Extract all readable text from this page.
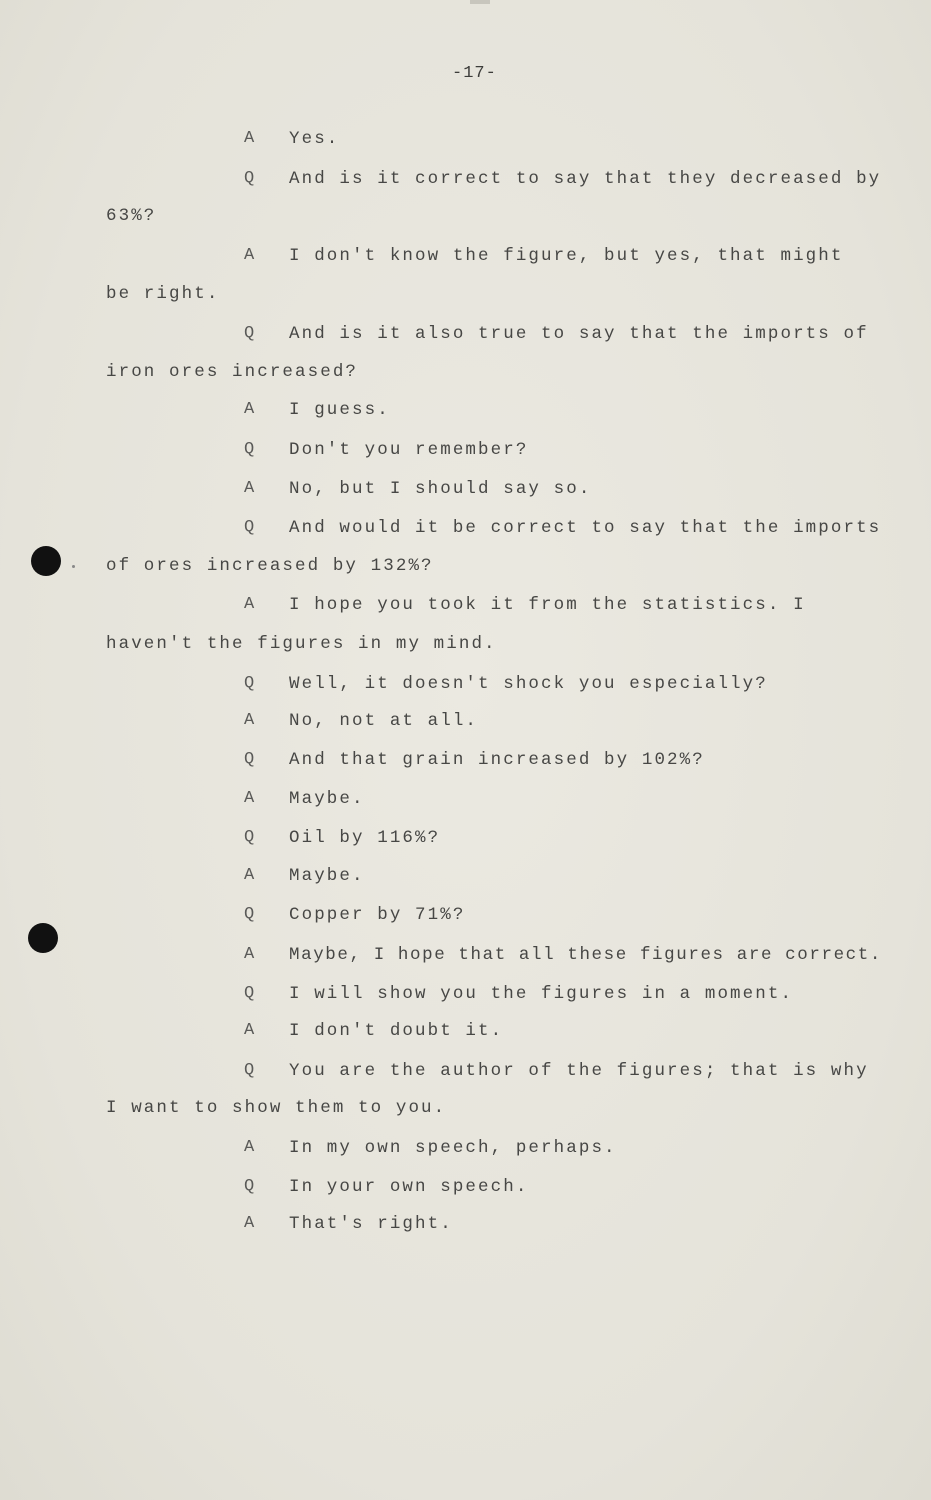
-17-
A Yes.
Q And is it correct to say that they decreased by
63%?
A I don't know the figure, but yes, that might
be right.
Q And is it also true to say that the imports of
iron ores increased?
A I guess.
Q Don't you remember?
A No, but I should say so.
Q And would it be correct to say that the imports
of ores increased by 132%?
A I hope you took it from the statistics. I
haven't the figures in my mind.
Q Well, it doesn't shock you especially?
A No, not at all.
Q And that grain increased by 102%?
A Maybe.
Q Oil by 116%?
A Maybe.
Q Copper by 71%?
A Maybe, I hope that all these figures are correct.
Q I will show you the figures in a moment.
A I don't doubt it.
Q You are the author of the figures; that is why
I want to show them to you.
A In my own speech, perhaps.
Q In your own speech.
A That's right.
